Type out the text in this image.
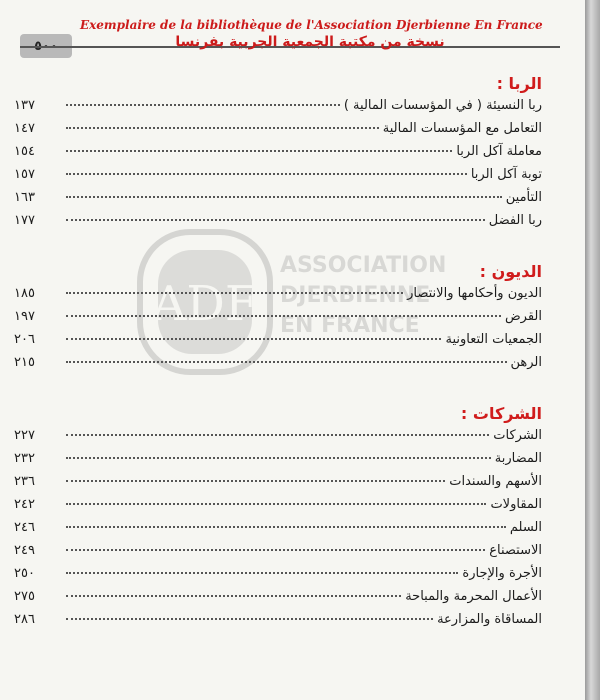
Exemplaire de la bibliothèque de l'Association Djerbienne En France
نسخة من مكتبة الجمعية الجربية بفرنسا
ADF
ASSOCIATION
DJERBIENNE
EN FRANCE
الربا :
ربا النسيئة ( في المؤسسات المالية )
١٣٧
التعامل مع المؤسسات المالية
١٤٧
معاملة آكل الربا
١٥٤
توبة آكل الربا
١٥٧
التأمين
١٦٣
ربا الفضل
١٧٧
الديون :
الديون وأحكامها والانتصار
١٨٥
القرض
١٩٧
الجمعيات التعاونية
٢٠٦
الرهن
٢١٥
الشركات :
الشركات
٢٢٧
المضاربة
٢٣٢
الأسهم والسندات
٢٣٦
المقاولات
٢٤٢
السلم
٢٤٦
الاستصناع
٢٤٩
الأجرة والإجارة
٢٥٠
الأعمال المحرمة والمباحة
٢٧٥
المساقاة والمزارعة
٢٨٦
